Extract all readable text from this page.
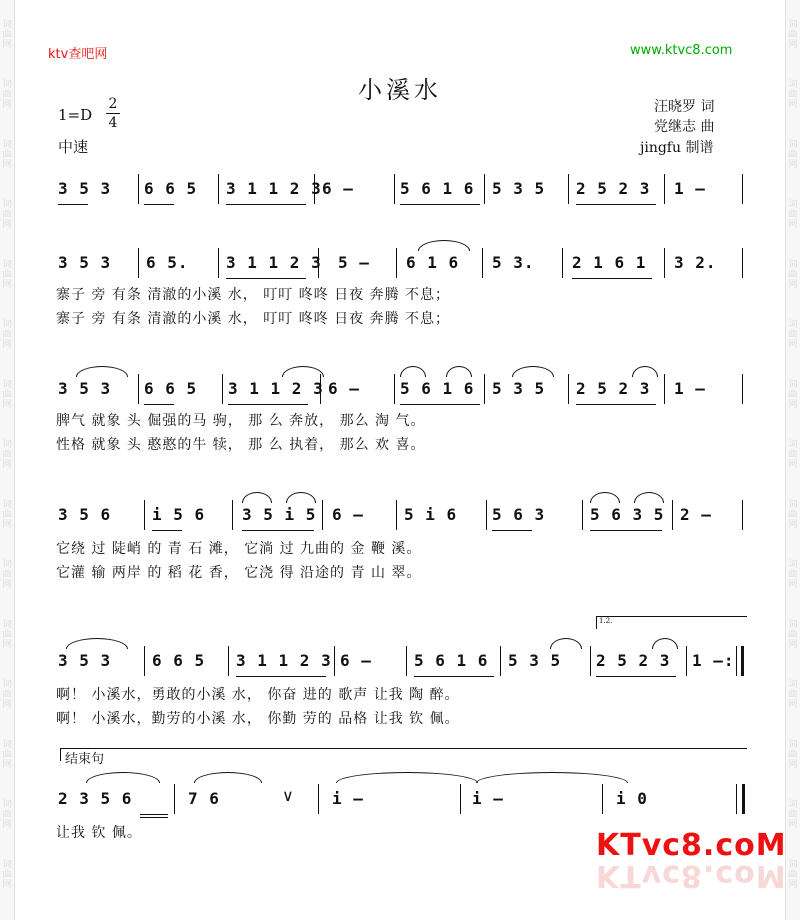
词
曲
网
词
曲
网
词
曲
网
词
曲
网
词
曲
网
词
曲
网
词
曲
网
词
曲
网
词
曲
网
词
曲
网
词
曲
网
词
曲
网
词
曲
网
词
曲
网
词
曲
网
词
曲
网
词
曲
网
词
曲
网
词
曲
网
词
曲
网
词
曲
网
词
曲
网
词
曲
网
词
曲
网
词
曲
网
词
曲
网
词
曲
网
词
曲
网
词
曲
网
词
曲
网
ktv查吧网	www.ktvc8.com
小溪水
1=D
2
4
中速
汪晓罗 词
党继志 曲
jingfu 制谱
3 5 3 6 6 5 3 1 1 2 3 6 –	5 6 1 6 5 3 5 2 5 2 3 1 –
3 5 3 6 5. 3 1 1 2 3 5 – 6 1 6 5 3. 2 1 6 1 3 2.
寨子 旁 有条 清澈的小溪 水， 叮叮 咚咚 日夜 奔腾 不息；
寨子 旁 有条 清澈的小溪 水， 叮叮 咚咚 日夜 奔腾 不息；
3 5 3 6 6 5 3 1 1 2 3 6 –	5 6 1 6 5 3 5 2 5 2 3 1 –
脾气 就象 头 倔强的马 驹， 那 么 奔放， 那么 淘 气。
性格 就象 头 憨憨的牛 犊， 那 么 执着， 那么 欢 喜。
3 5 6	i 5 6 3 5 i 5 6 –	5 i 6 5 6 3	5 6 3 5 2 –
它绕 过 陡峭 的 青 石 滩， 它淌 过 九曲的 金 鞭 溪。
它灌 输 两岸 的 稻 花 香， 它浇 得 沿途的 青 山 翠。
1.2.
3 5 3	6 6 5 3 1 1 2 3 6 –	5 6 1 6 5 3 5 2 5 2 3 1 –:
啊！ 小溪水，勇敢的小溪 水， 你奋 进的 歌声 让我 陶 醉。
啊！ 小溪水，勤劳的小溪 水， 你勤 劳的 品格 让我 钦 佩。
结束句
2 3 5 6	7 6	∨ i –	i –	i 0
让我 钦 佩。	KTvc8.coM
KTvc8.coM
